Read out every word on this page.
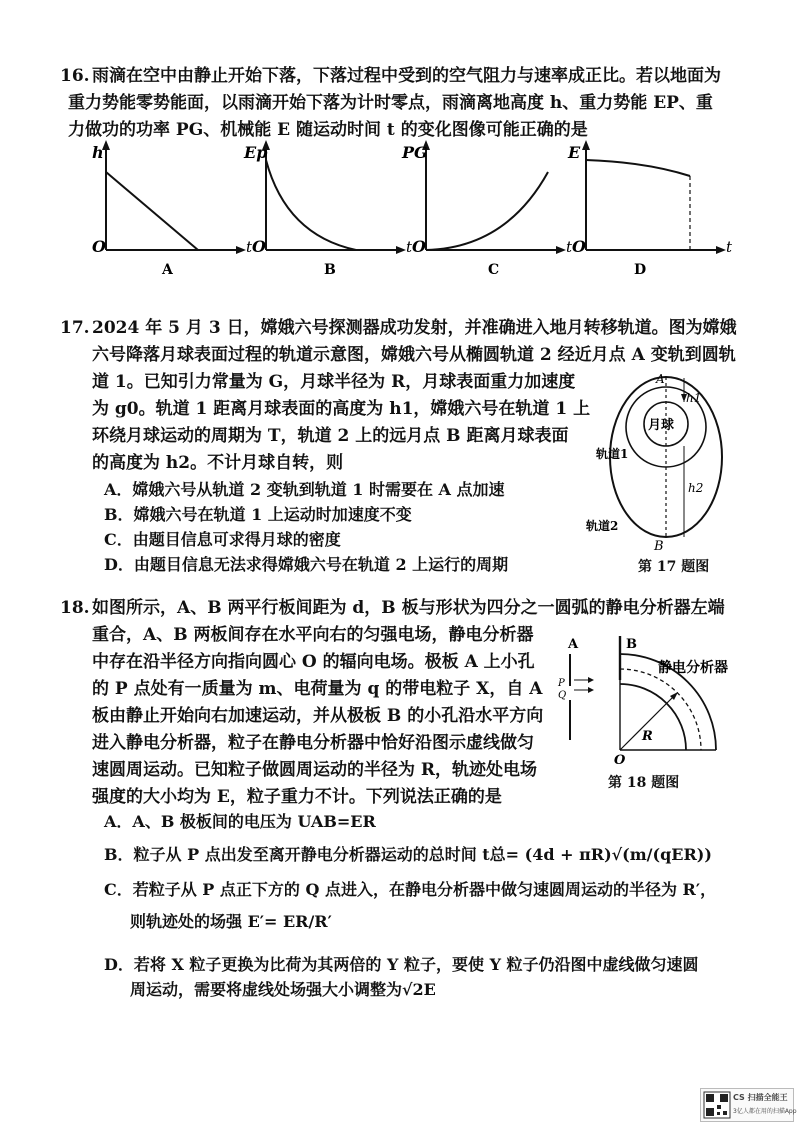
16. 雨滴在空中由静止开始下落，下落过程中受到的空气阻力与速率成正比。若以地面为
重力势能零势能面，以雨滴开始下落为计时零点，雨滴离地高度 h、重力势能 EP、重
力做功的功率 PG、机械能 E 随运动时间 t 的变化图像可能正确的是
h
O	t
A
Ep
O	t
B
PG
O	t
C
E
O	t
D
17. 2024 年 5 月 3 日，嫦娥六号探测器成功发射，并准确进入地月转移轨道。图为嫦娥
六号降落月球表面过程的轨道示意图，嫦娥六号从椭圆轨道 2 经近月点 A 变轨到圆轨
道 1。已知引力常量为 G，月球半径为 R，月球表面重力加速度
为 g0。轨道 1 距离月球表面的高度为 h1，嫦娥六号在轨道 1 上
环绕月球运动的周期为 T，轨道 2 上的远月点 B 距离月球表面
的高度为 h2。不计月球自转，则
A．嫦娥六号从轨道 2 变轨到轨道 1 时需要在 A 点加速
B．嫦娥六号在轨道 1 上运动时加速度不变
C．由题目信息可求得月球的密度
D．由题目信息无法求得嫦娥六号在轨道 2 上运行的周期
月球
A
B
h1
h2
轨道1
轨道2
第 17 题图
18. 如图所示，A、B 两平行板间距为 d，B 板与形状为四分之一圆弧的静电分析器左端
重合，A、B 两板间存在水平向右的匀强电场，静电分析器
中存在沿半径方向指向圆心 O 的辐向电场。极板 A 上小孔
的 P 点处有一质量为 m、电荷量为 q 的带电粒子 X，自 A
板由静止开始向右加速运动，并从极板 B 的小孔沿水平方向
进入静电分析器，粒子在静电分析器中恰好沿图示虚线做匀
速圆周运动。已知粒子做圆周运动的半径为 R，轨迹处电场
强度的大小均为 E，粒子重力不计。下列说法正确的是
A．A、B 极板间的电压为 UAB=ER
B．粒子从 P 点出发至离开静电分析器运动的总时间 t总= (4d + πR)√(m/(qER))
C．若粒子从 P 点正下方的 Q 点进入，在静电分析器中做匀速圆周运动的半径为 R′，
则轨迹处的场强 E′= ER/R′
D．若将 X 粒子更换为比荷为其两倍的 Y 粒子，要使 Y 粒子仍沿图中虚线做匀速圆
周运动，需要将虚线处场强大小调整为√2E
A	B
静电分析器
P
Q
O
R
第 18 题图
CS 扫描全能王
3亿人都在用的扫描App
